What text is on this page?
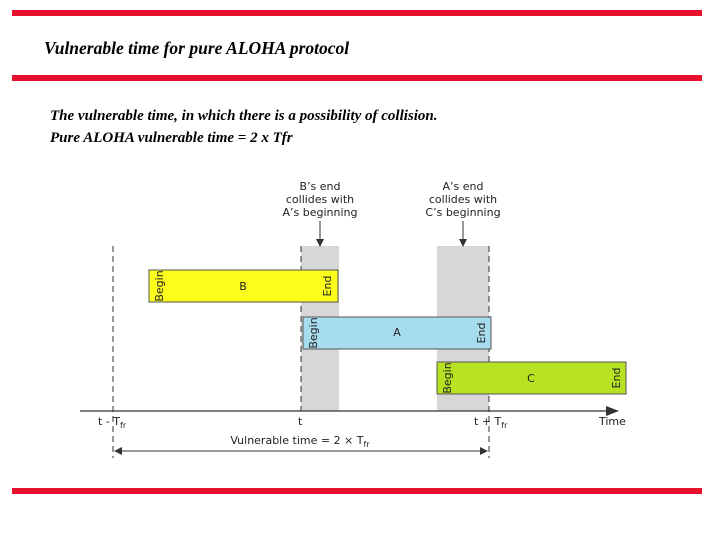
Vulnerable time for pure ALOHA protocol
The vulnerable time, in which there is a possibility of collision.
Pure ALOHA vulnerable time = 2 x Tfr
B’s end
collides with
A’s beginning
A’s end
collides with
C’s beginning
Begin	B	End
Begin	A	End
Begin	C	End
Time
t - $T_{fr}$	t	$t + T_{fr}$
Vulnerable time = $2 \times T_{fr}$
